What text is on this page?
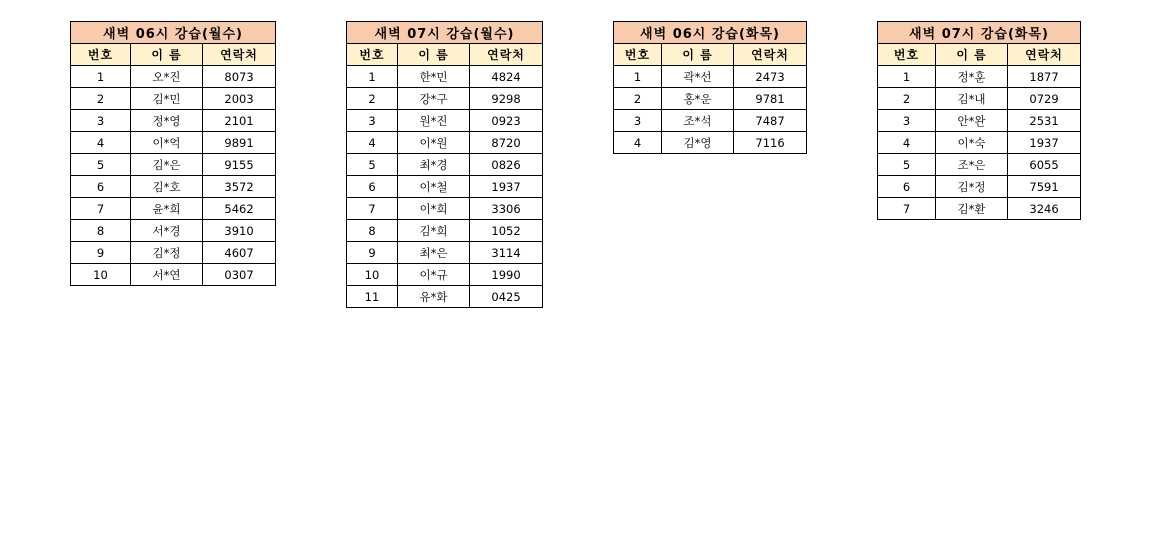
새벽 06시 강습(월수)		
번호	이 름	연락처
1	오*진	8073
2	김*민	2003
3	정*영	2101
4	이*억	9891
5	김*은	9155
6	김*호	3572
7	윤*희	5462
8	서*경	3910
9	김*정	4607
10	서*연	0307
새벽 07시 강습(월수)		
번호	이 름	연락처
1	한*민	4824
2	강*구	9298
3	원*진	0923
4	이*원	8720
5	최*경	0826
6	이*철	1937
7	이*희	3306
8	김*희	1052
9	최*은	3114
10	이*규	1990
11	유*화	0425
새벽 06시 강습(화목)		
번호	이 름	연락처
1	곽*선	2473
2	홍*운	9781
3	조*석	7487
4	김*영	7116
새벽 07시 강습(화목)		
번호	이 름	연락처
1	정*훈	1877
2	김*내	0729
3	안*완	2531
4	이*숙	1937
5	조*은	6055
6	김*정	7591
7	김*환	3246
